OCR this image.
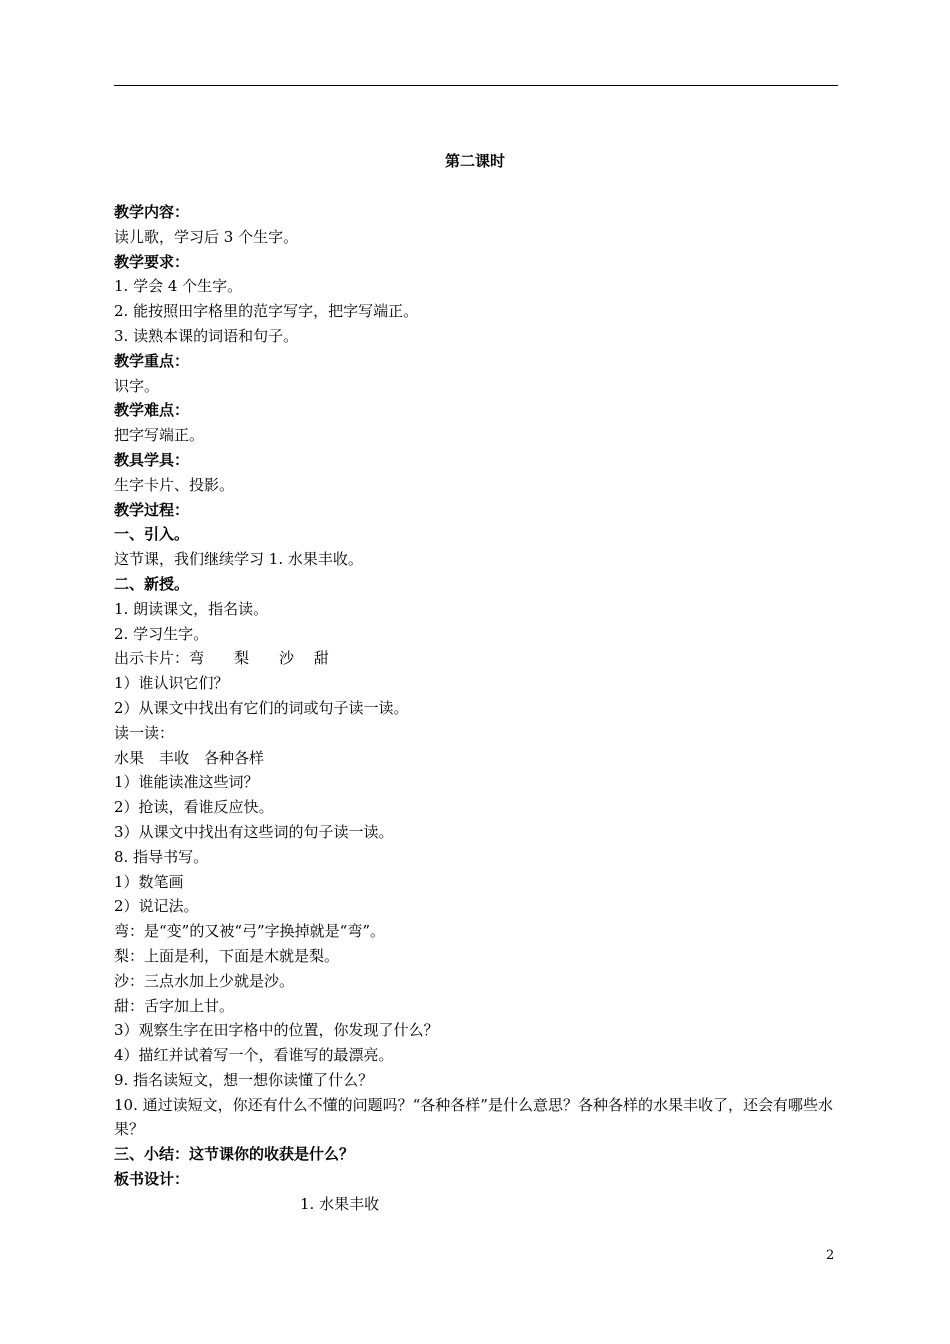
第二课时
教学内容：
读儿歌，学习后 3 个生字。
教学要求：
1. 学会 4 个生字。
2. 能按照田字格里的范字写字，把字写端正。
3. 读熟本课的词语和句子。
教学重点：
识字。
教学难点：
把字写端正。
教具学具：
生字卡片、投影。
教学过程：
一、引入。
这节课，我们继续学习 1. 水果丰收。
二、新授。
1. 朗读课文，指名读。
2. 学习生字。
出示卡片：弯　　梨　　沙　 甜
1）谁认识它们？
2）从课文中找出有它们的词或句子读一读。
读一读：
水果　丰收　各种各样
1）谁能读准这些词？
2）抢读，看谁反应快。
3）从课文中找出有这些词的句子读一读。
8. 指导书写。
1）数笔画
2）说记法。
弯：是“变”的又被“弓”字换掉就是“弯”。
梨：上面是利，下面是木就是梨。
沙：三点水加上少就是沙。
甜：舌字加上甘。
3）观察生字在田字格中的位置，你发现了什么？
4）描红并试着写一个，看谁写的最漂亮。
9. 指名读短文，想一想你读懂了什么？
10. 通过读短文，你还有什么不懂的问题吗？“各种各样”是什么意思？各种各样的水果丰收了，还会有哪些水果？
三、小结：这节课你的收获是什么？
板书设计：
1. 水果丰收
2
